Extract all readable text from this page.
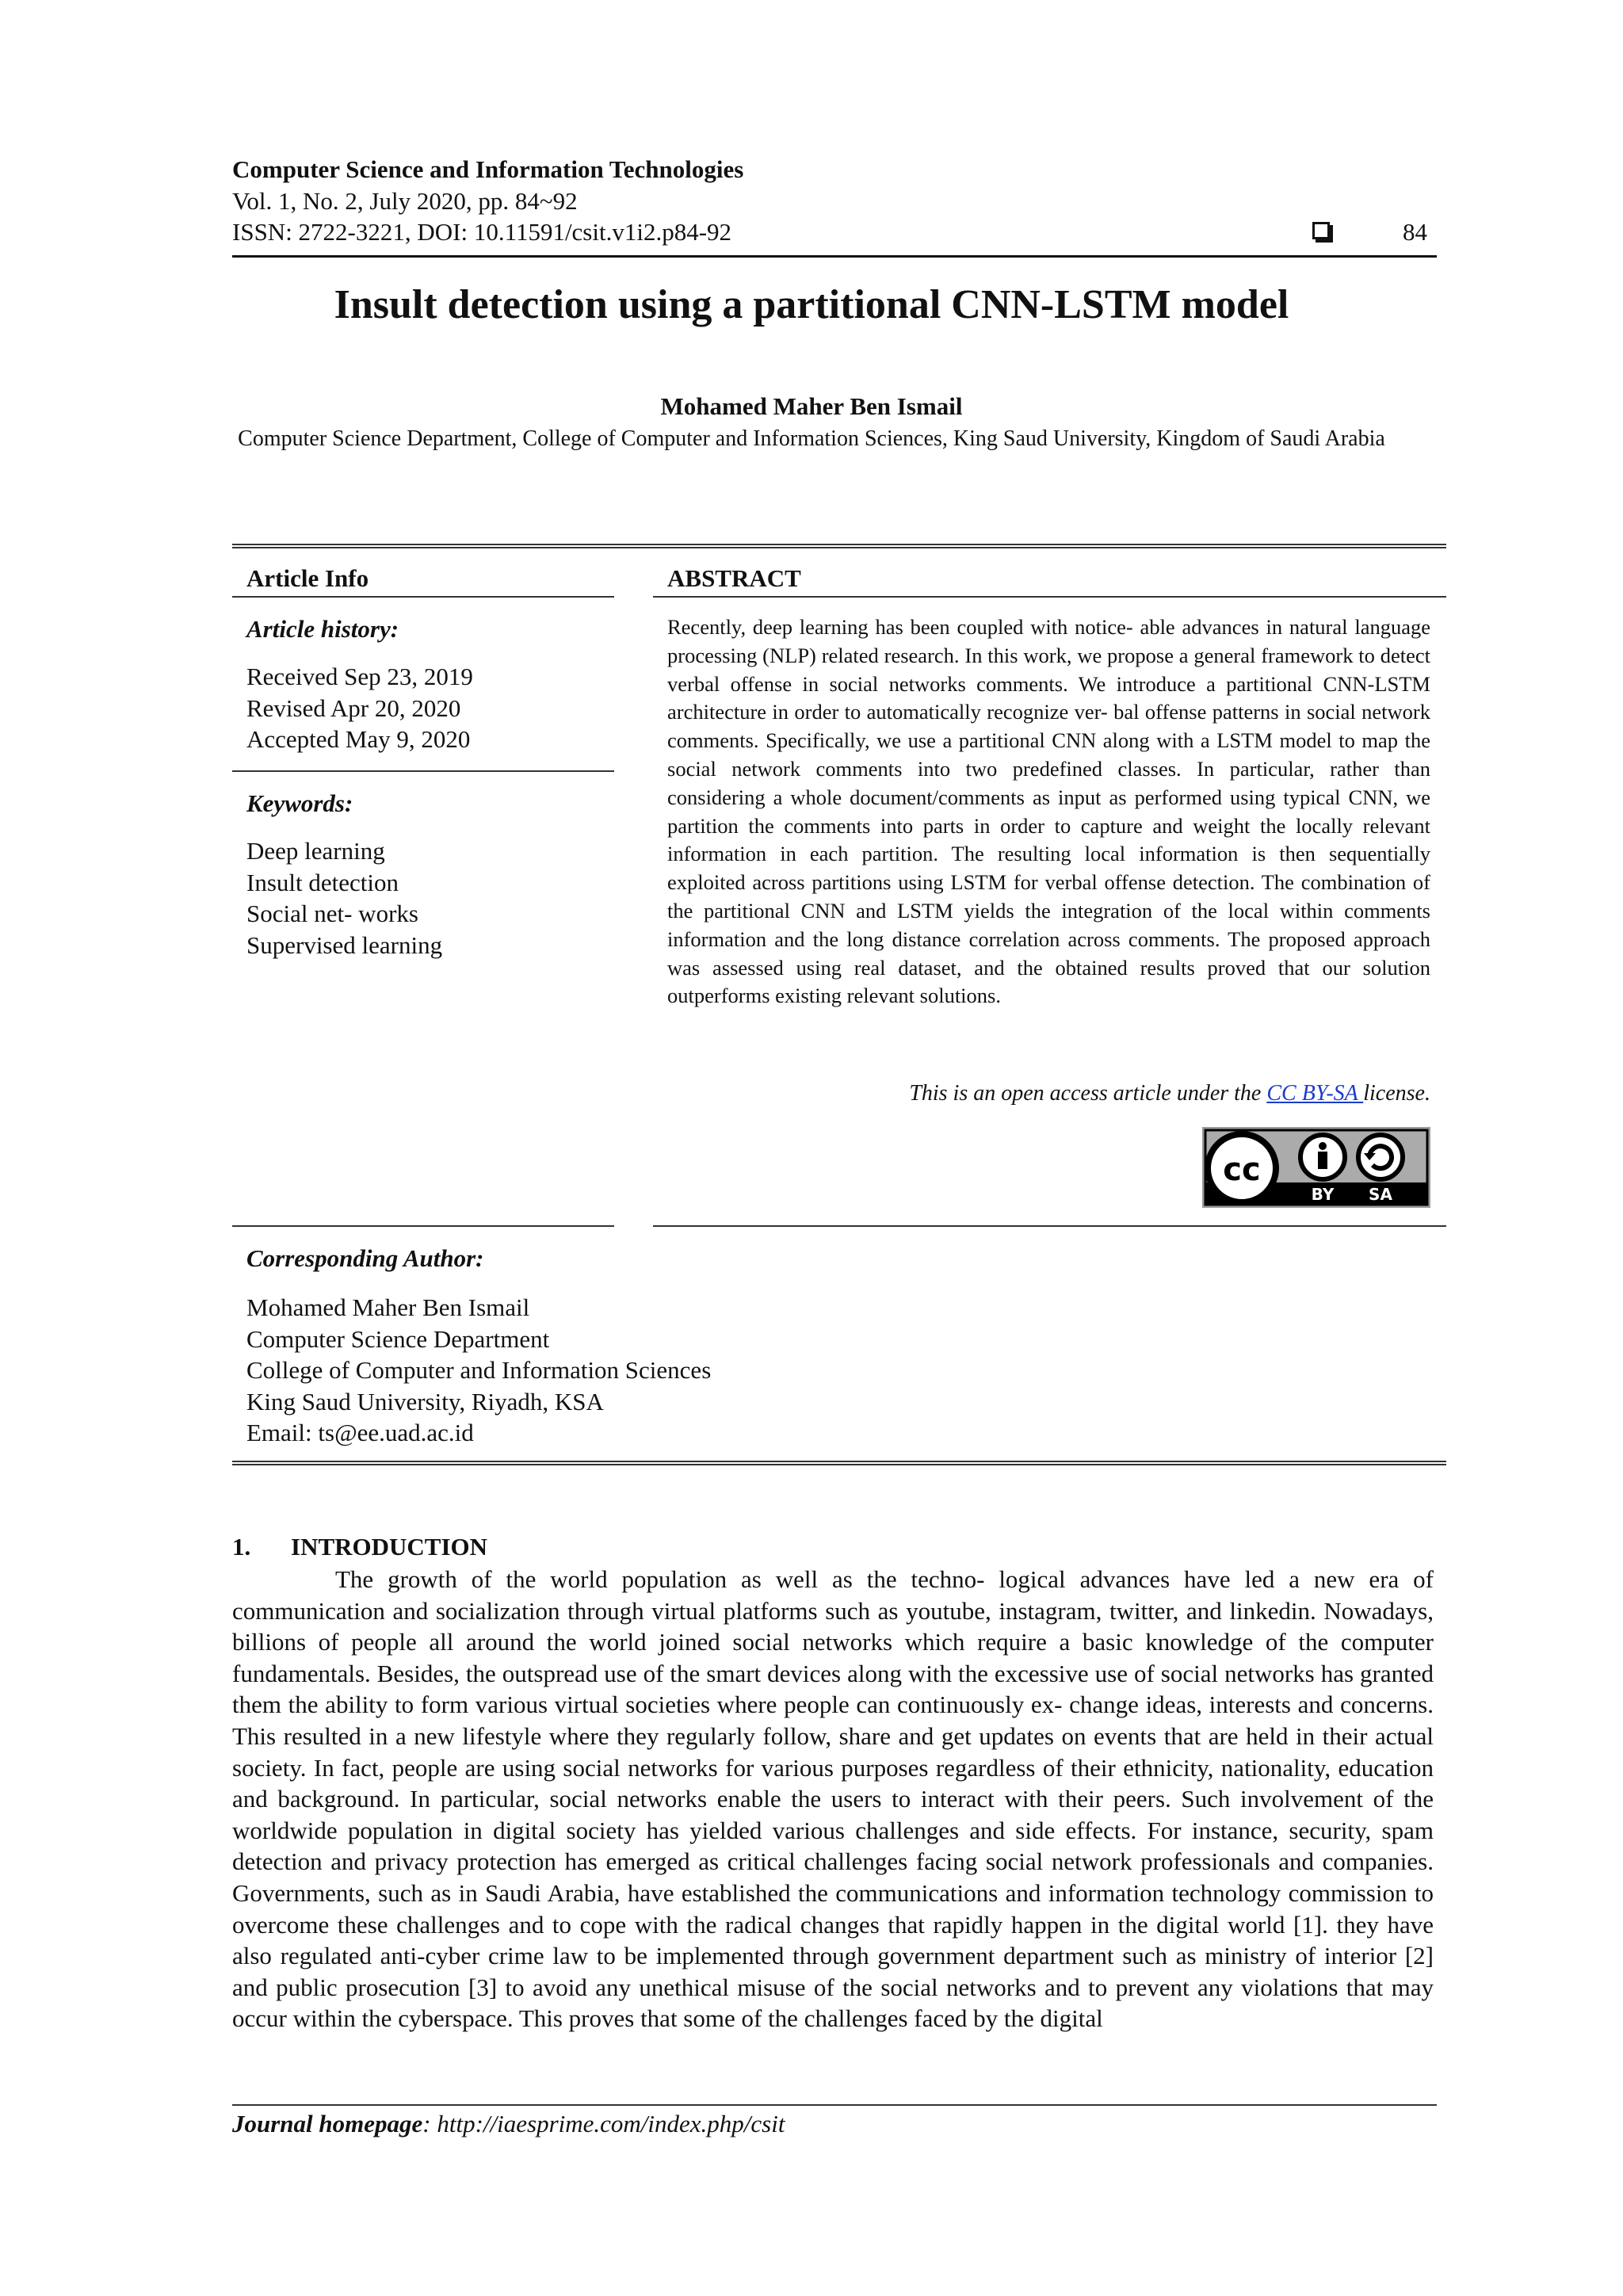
Computer Science and Information Technologies
Vol. 1, No. 2, July 2020, pp. 84~92
ISSN: 2722-3221, DOI: 10.11591/csit.v1i2.p84-92	84
Insult detection using a partitional CNN-LSTM model
Mohamed Maher Ben Ismail
Computer Science Department, College of Computer and Information Sciences, King Saud University, Kingdom of Saudi Arabia
Article Info	ABSTRACT
Article history:
Received Sep 23, 2019
Revised Apr 20, 2020
Accepted May 9, 2020
Keywords:
Deep learning
Insult detection
Social net- works
Supervised learning
Recently, deep learning has been coupled with notice- able advances in natural language processing (NLP) related research. In this work, we propose a general framework to detect verbal offense in social networks comments. We introduce a partitional CNN-LSTM architecture in order to automatically recognize ver- bal offense patterns in social network comments. Specifically, we use a partitional CNN along with a LSTM model to map the social network comments into two predefined classes. In particular, rather than considering a whole document/comments as input as performed using typical CNN, we partition the comments into parts in order to capture and weight the locally relevant information in each partition. The resulting local information is then sequentially exploited across partitions using LSTM for verbal offense detection. The combination of the partitional CNN and LSTM yields the integration of the local within comments information and the long distance correlation across comments. The proposed approach was assessed using real dataset, and the obtained results proved that our solution outperforms existing relevant solutions.
This is an open access article under the CC BY-SA license.
cc
BY SA
Corresponding Author:
Mohamed Maher Ben Ismail
Computer Science Department
College of Computer and Information Sciences
King Saud University, Riyadh, KSA
Email: ts@ee.uad.ac.id
1. INTRODUCTION

The growth of the world population as well as the techno- logical advances have led a new era of communication and socialization through virtual platforms such as youtube, instagram, twitter, and linkedin. Nowadays, billions of people all around the world joined social networks which require a basic knowledge of the computer fundamentals. Besides, the outspread use of the smart devices along with the excessive use of social networks has granted them the ability to form various virtual societies where people can continuously ex- change ideas, interests and concerns. This resulted in a new lifestyle where they regularly follow, share and get updates on events that are held in their actual society. In fact, people are using social networks for various purposes regardless of their ethnicity, nationality, education and background. In particular, social networks enable the users to interact with their peers. Such involvement of the worldwide population in digital society has yielded various challenges and side effects. For instance, security, spam detection and privacy protection has emerged as critical challenges facing social network professionals and companies. Governments, such as in Saudi Arabia, have established the communications and information technology commission to overcome these challenges and to cope with the radical changes that rapidly happen in the digital world [1]. they have also regulated anti-cyber crime law to be implemented through government department such as ministry of interior [2] and public prosecution [3] to avoid any unethical misuse of the social networks and to prevent any violations that may occur within the cyberspace. This proves that some of the challenges faced by the digital

Journal homepage: http://iaesprime.com/index.php/csit
